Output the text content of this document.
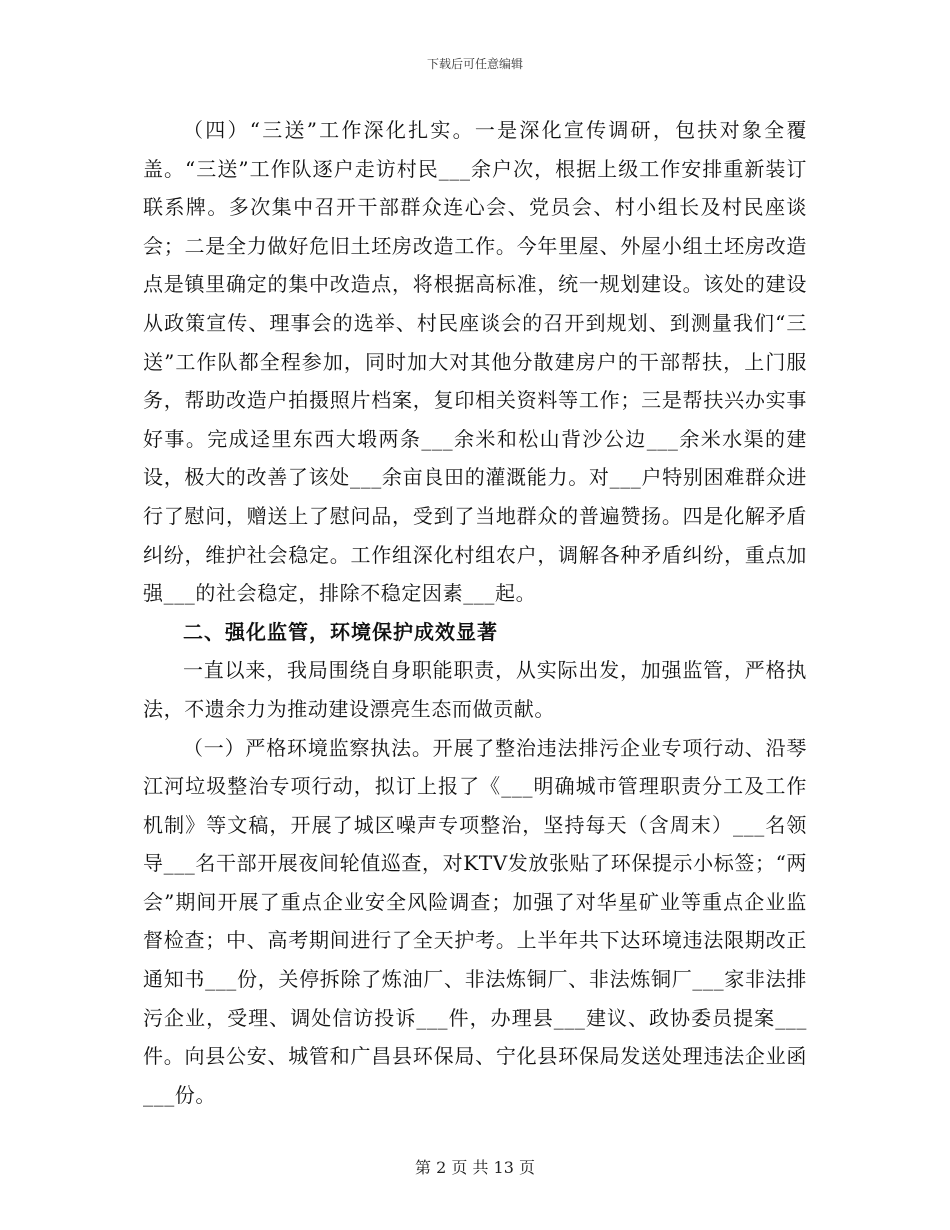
下载后可任意编辑

（四）“三送”工作深化扎实。一是深化宣传调研，包扶对象全覆盖。“三送”工作队逐户走访村民___余户次，根据上级工作安排重新装订联系牌。多次集中召开干部群众连心会、党员会、村小组长及村民座谈会；二是全力做好危旧土坯房改造工作。今年里屋、外屋小组土坯房改造点是镇里确定的集中改造点，将根据高标准，统一规划建设。该处的建设从政策宣传、理事会的选举、村民座谈会的召开到规划、到测量我们“三送”工作队都全程参加，同时加大对其他分散建房户的干部帮扶，上门服务，帮助改造户拍摄照片档案，复印相关资料等工作；三是帮扶兴办实事好事。完成迳里东西大塅两条___余米和松山背沙公边___余米水渠的建设，极大的改善了该处___余亩良田的灌溉能力。对___户特别困难群众进行了慰问，赠送上了慰问品，受到了当地群众的普遍赞扬。四是化解矛盾纠纷，维护社会稳定。工作组深化村组农户，调解各种矛盾纠纷，重点加强___的社会稳定，排除不稳定因素___起。

二、强化监管，环境保护成效显著

一直以来，我局围绕自身职能职责，从实际出发，加强监管，严格执法，不遗余力为推动建设漂亮生态而做贡献。

（一）严格环境监察执法。开展了整治违法排污企业专项行动、沿琴江河垃圾整治专项行动，拟订上报了《___明确城市管理职责分工及工作机制》等文稿，开展了城区噪声专项整治，坚持每天（含周末）___名领导___名干部开展夜间轮值巡查，对KTV发放张贴了环保提示小标签；“两会”期间开展了重点企业安全风险调查；加强了对华星矿业等重点企业监督检查；中、高考期间进行了全天护考。上半年共下达环境违法限期改正通知书___份，关停拆除了炼油厂、非法炼铜厂、非法炼铜厂___家非法排污企业，受理、调处信访投诉___件，办理县___建议、政协委员提案___件。向县公安、城管和广昌县环保局、宁化县环保局发送处理违法企业函___份。

第 2 页 共 13 页
